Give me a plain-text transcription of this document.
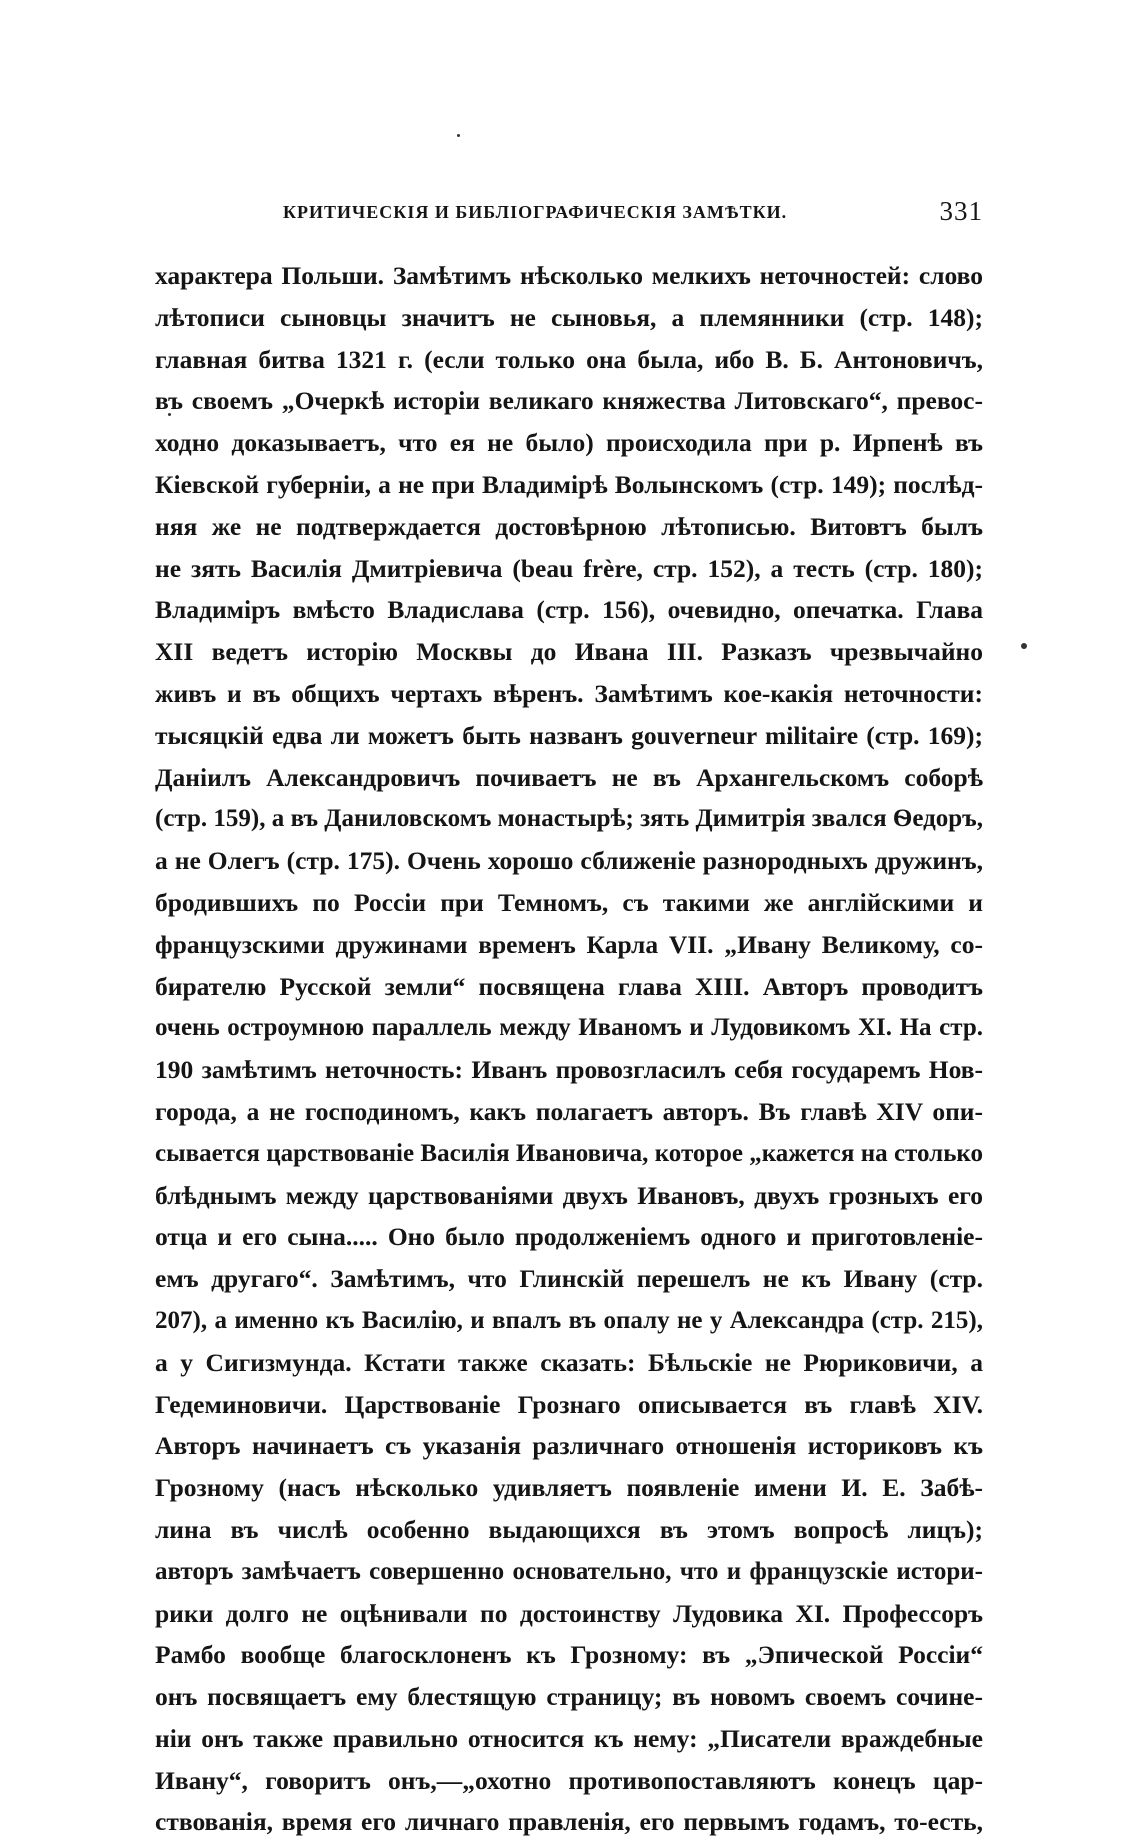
КРИТИЧЕСКІЯ И БИБЛІОГРАФИЧЕСКІЯ ЗАМѢТКИ.	331
характера Польши. Замѣтимъ нѣсколько мелкихъ неточностей: слово
лѣтописи сыновцы значитъ не сыновья, а племянники (стр. 148);
главная битва 1321 г. (если только она была, ибо В. Б. Антоновичъ,
въ своемъ „Очеркѣ исторіи великаго княжества Литовскаго“, превос-
ходно доказываетъ, что ея не было) происходила при р. Ирпенѣ въ
Кіевской губерніи, а не при Владимірѣ Волынскомъ (стр. 149); послѣд-
няя же не подтверждается достовѣрною лѣтописью. Витовтъ былъ
не зять Василія Дмитріевича (beau frère, стр. 152), а тесть (стр. 180);
Владиміръ вмѣсто Владислава (стр. 156), очевидно, опечатка. Глава
XII ведетъ исторію Москвы до Ивана III. Разказъ чрезвычайно
живъ и въ общихъ чертахъ вѣренъ. Замѣтимъ кое-какія неточности:
тысяцкій едва ли можетъ быть названъ gouverneur militaire (стр. 169);
Даніилъ Александровичъ почиваетъ не въ Архангельскомъ соборѣ
(стр. 159), а въ Даниловскомъ монастырѣ; зять Димитрія звался Ѳедоръ,
а не Олегъ (стр. 175). Очень хорошо сближеніе разнородныхъ дружинъ,
бродившихъ по Россіи при Темномъ, съ такими же англійскими и
французскими дружинами временъ Карла VII. „Ивану Великому, со-
бирателю Русской земли“ посвящена глава XIII. Авторъ проводитъ
очень остроумною параллель между Иваномъ и Лудовикомъ XI. На стр.
190 замѣтимъ неточность: Иванъ провозгласилъ себя государемъ Нов-
города, а не господиномъ, какъ полагаетъ авторъ. Въ главѣ XIV опи-
сывается царствованіе Василія Ивановича, которое „кажется на столько
блѣднымъ между царствованіями двухъ Ивановъ, двухъ грозныхъ его
отца и его сына..... Оно было продолженіемъ одного и приготовленіе-
емъ другаго“. Замѣтимъ, что Глинскій перешелъ не къ Ивану (стр.
207), а именно къ Василію, и впалъ въ опалу не у Александра (стр. 215),
а у Сигизмунда. Кстати также сказать: Бѣльскіе не Рюриковичи, а
Гедеминовичи. Царствованіе Грознаго описывается въ главѣ XIV.
Авторъ начинаетъ съ указанія различнаго отношенія историковъ къ
Грозному (насъ нѣсколько удивляетъ появленіе имени И. Е. Забѣ-
лина въ числѣ особенно выдающихся въ этомъ вопросѣ лицъ);
авторъ замѣчаетъ совершенно основательно, что и французскіе истори-
рики долго не оцѣнивали по достоинству Лудовика XI. Профессоръ
Рамбо вообще благосклоненъ къ Грозному: въ „Эпической Россіи“
онъ посвящаетъ ему блестящую страницу; въ новомъ своемъ сочине-
ніи онъ также правильно относится къ нему: „Писатели враждебные
Ивану“, говоритъ онъ,—„охотно противопоставляютъ конецъ цар-
ствованія, время его личнаго правленія, его первымъ годамъ, то-есть,
